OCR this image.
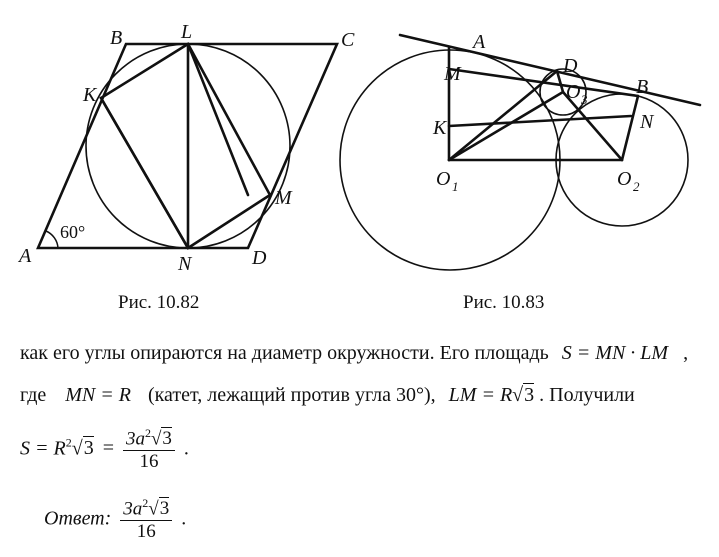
B	L	C
K
M
A	N	D
60°
Рис. 10.82
A
M	D
O 3
B
N
K
O 1	O 2
Рис. 10.83
как его углы опираются на диаметр окружности. Его площадь S = MN · LM ,
где MN = R (катет, лежащий против угла 30°), LM = R√3 . Получили
$S = R^2√3 = \frac{3a^2√3}{16}$ .
Ответ: $\frac{3a^2√3}{16}$ .
